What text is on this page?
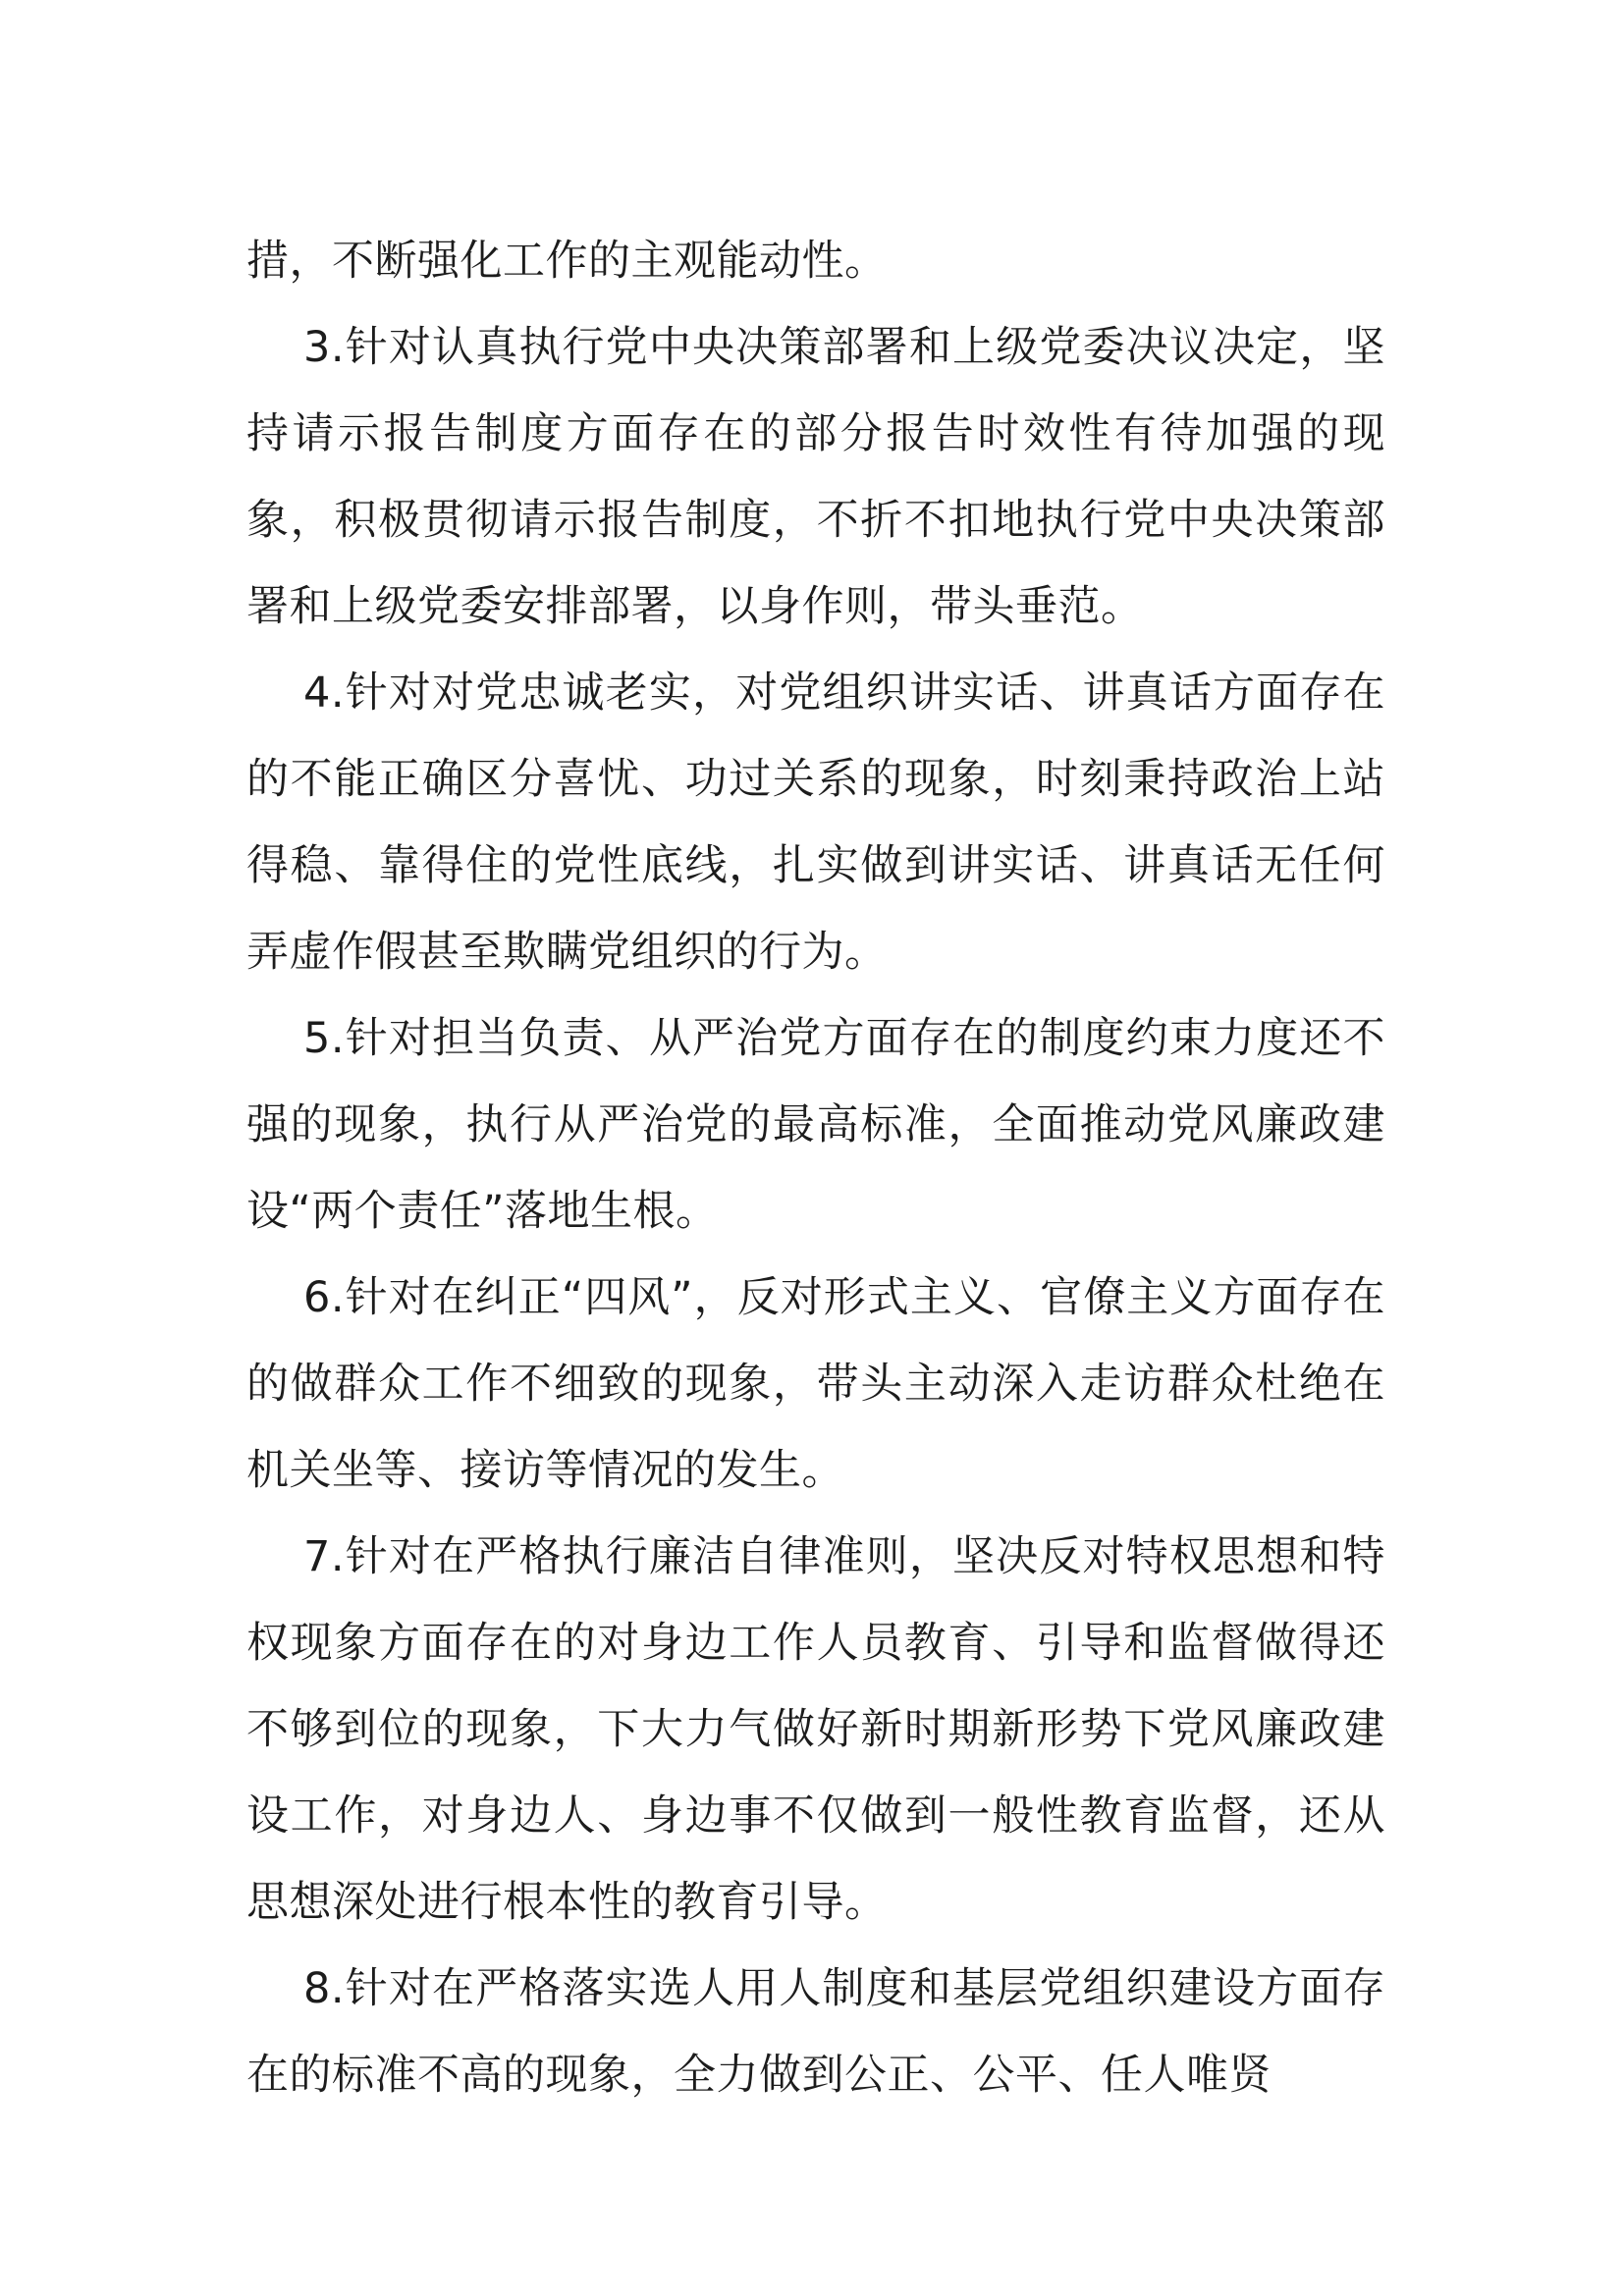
措，不断强化工作的主观能动性。

3.针对认真执行党中央决策部署和上级党委决议决定，坚持请示报告制度方面存在的部分报告时效性有待加强的现象，积极贯彻请示报告制度，不折不扣地执行党中央决策部署和上级党委安排部署，以身作则，带头垂范。

4.针对对党忠诚老实，对党组织讲实话、讲真话方面存在的不能正确区分喜忧、功过关系的现象，时刻秉持政治上站得稳、靠得住的党性底线，扎实做到讲实话、讲真话无任何弄虚作假甚至欺瞒党组织的行为。

5.针对担当负责、从严治党方面存在的制度约束力度还不强的现象，执行从严治党的最高标准，全面推动党风廉政建设“两个责任”落地生根。

6.针对在纠正“四风”，反对形式主义、官僚主义方面存在的做群众工作不细致的现象，带头主动深入走访群众杜绝在机关坐等、接访等情况的发生。

7.针对在严格执行廉洁自律准则，坚决反对特权思想和特权现象方面存在的对身边工作人员教育、引导和监督做得还不够到位的现象，下大力气做好新时期新形势下党风廉政建设工作，对身边人、身边事不仅做到一般性教育监督，还从思想深处进行根本性的教育引导。

8.针对在严格落实选人用人制度和基层党组织建设方面存在的标准不高的现象，全力做到公正、公平、任人唯贤
